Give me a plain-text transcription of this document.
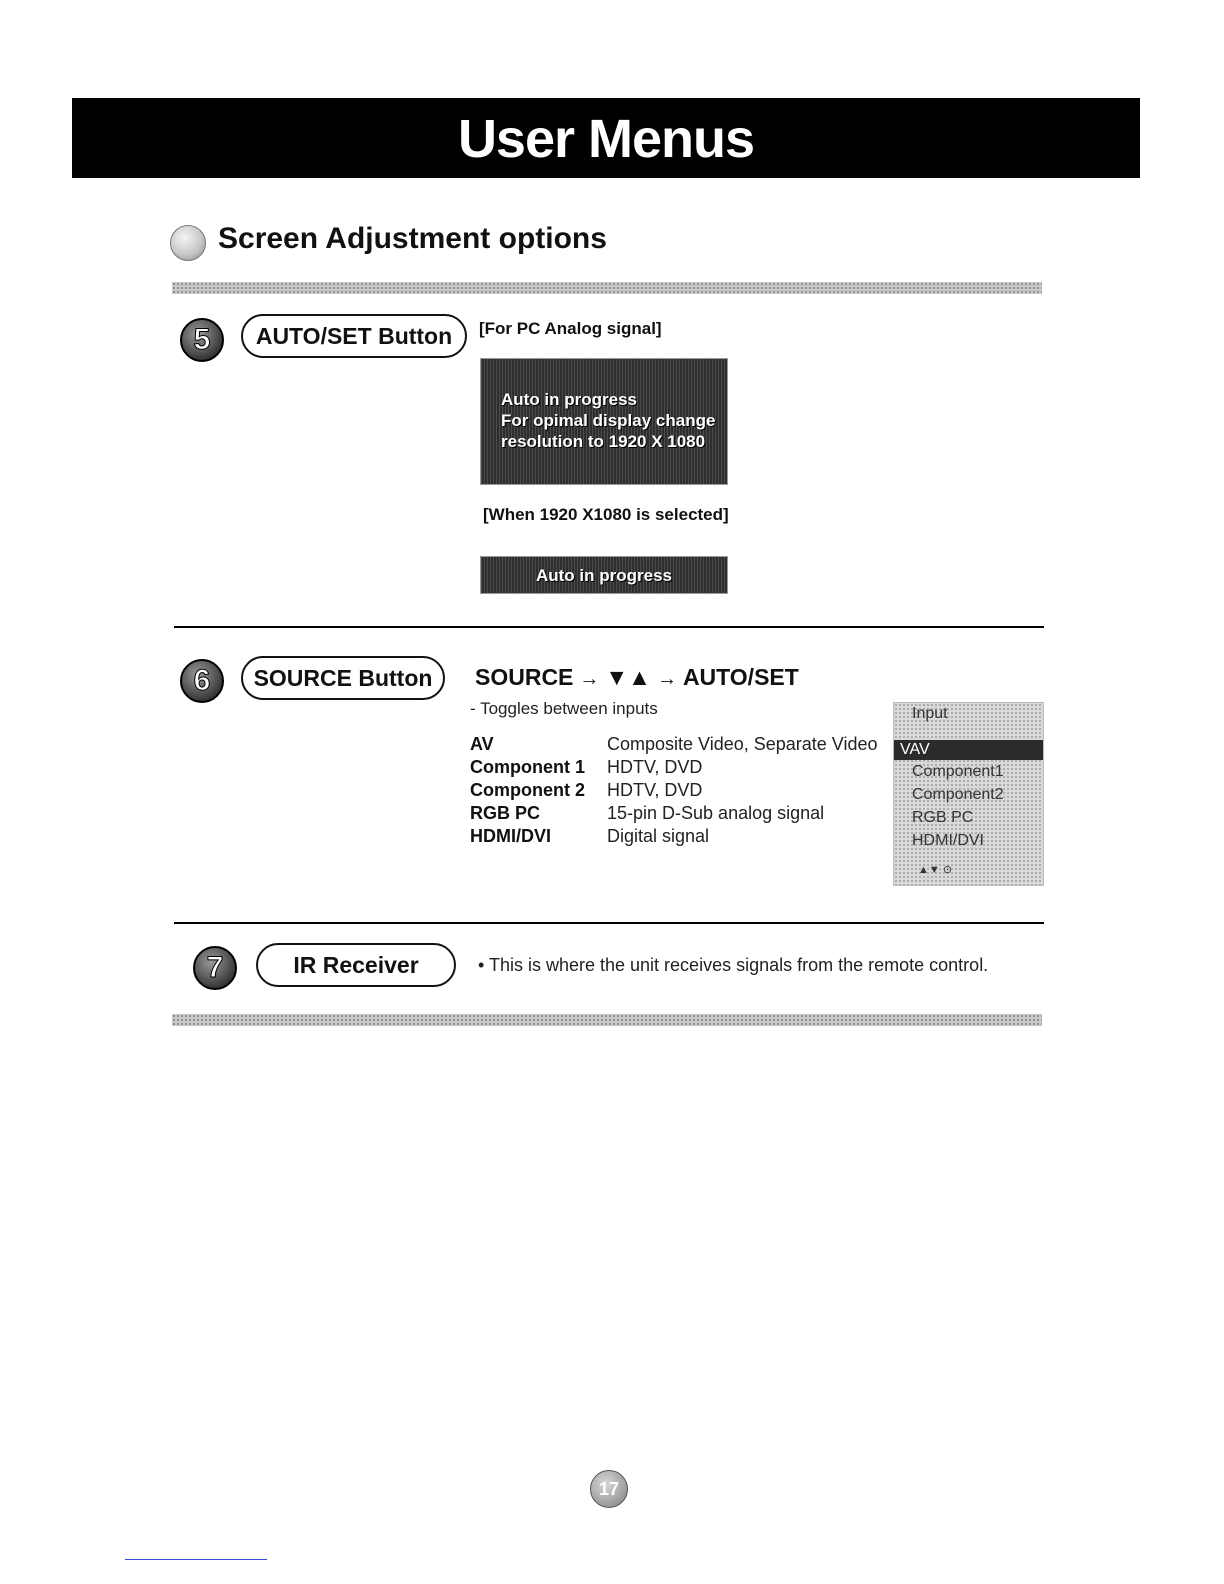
User Menus
Screen Adjustment options
5	AUTO/SET Button	[For PC Analog signal]
Auto in progress
For opimal display change
resolution to 1920 X 1080
[When 1920 X1080 is selected]
Auto in progress
6	SOURCE Button	SOURCE → ▼▲ → AUTO/SET
- Toggles between inputs
AV	Composite Video, Separate Video
Component 1	HDTV, DVD
Component 2	HDTV, DVD
RGB PC	15-pin D-Sub analog signal
HDMI/DVI	Digital signal
Input
VAV
Component1
Component2
RGB PC
HDMI/DVI
▲▼ ⊙
7	IR Receiver	• This is where the unit receives signals from the remote control.
17
